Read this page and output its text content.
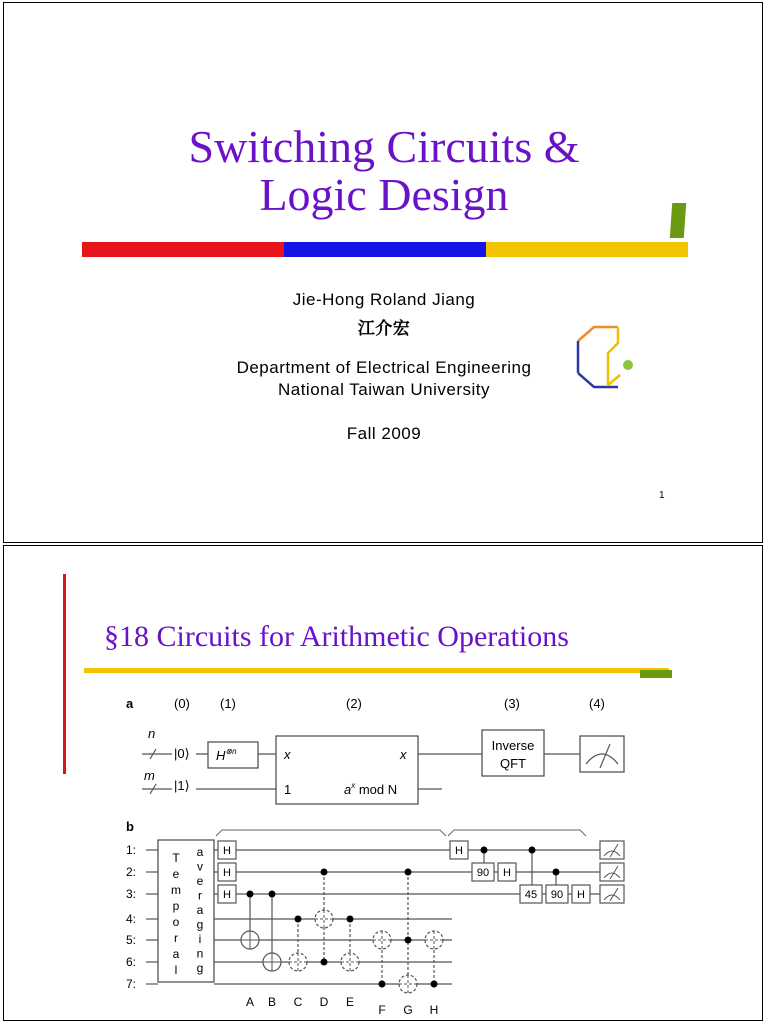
Switching Circuits &
Logic Design
Jie-Hong Roland Jiang
江介宏
Department of Electrical Engineering
National Taiwan University
Fall 2009
1
§18 Circuits for Arithmetic Operations
a	(0) (1)	(2)	(3)	(4)
n
m
|0⟩
|1⟩
$H^{\otimes n}$	x	x
1	$a^x$ mod N
Inverse
QFT
b
1:
2:
3:
4:
5:
6:
7:
T
e
m
p
o
r
a
l
a
v
e
r
a
g
i
n
g
H
H
H
H
90 H
45 90 H
A B C D E
F G H
